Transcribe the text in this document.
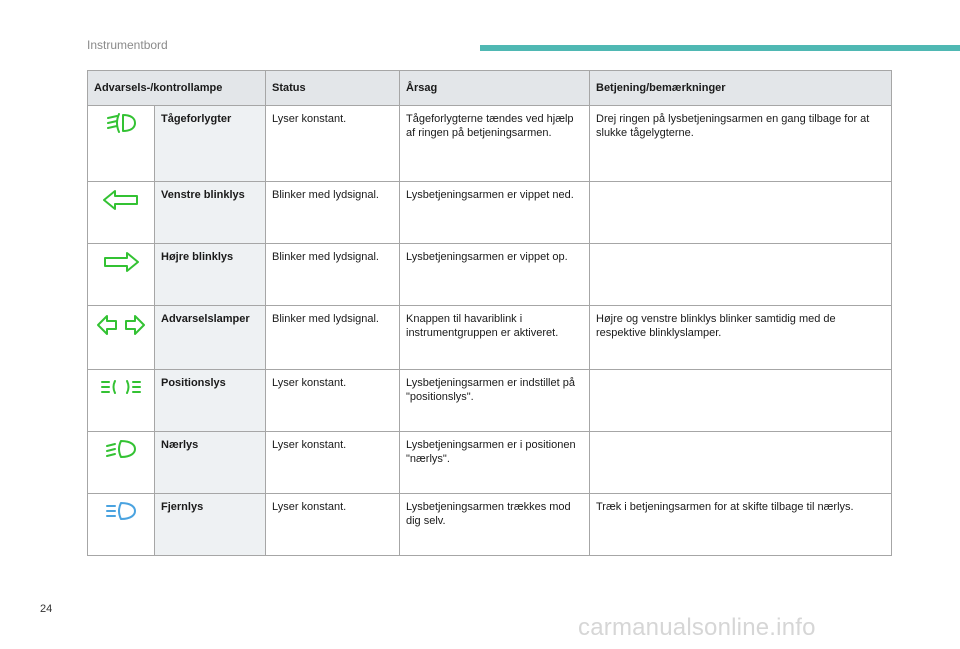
Instrumentbord
Advarsels-/kontrollampe		Status	Årsag	Betjening/bemærkninger
	Tågeforlygter	Lyser konstant.	Tågeforlygterne tændes ved hjælp af ringen på betjeningsarmen.	Drej ringen på lysbetjeningsarmen en gang tilbage for at slukke tågelygterne.
	Venstre blinklys	Blinker med lydsignal.	Lysbetjeningsarmen er vippet ned.	
	Højre blinklys	Blinker med lydsignal.	Lysbetjeningsarmen er vippet op.	
	Advarselslamper	Blinker med lydsignal.	Knappen til havariblink i instrumentgruppen er aktiveret.	Højre og venstre blinklys blinker samtidig med de respektive blinklyslamper.
	Positionslys	Lyser konstant.	Lysbetjeningsarmen er indstillet på "positionslys".	
	Nærlys	Lyser konstant.	Lysbetjeningsarmen er i positionen "nærlys".	
	Fjernlys	Lyser konstant.	Lysbetjeningsarmen trækkes mod dig selv.	Træk i betjeningsarmen for at skifte tilbage til nærlys.
24
carmanualsonline.info
